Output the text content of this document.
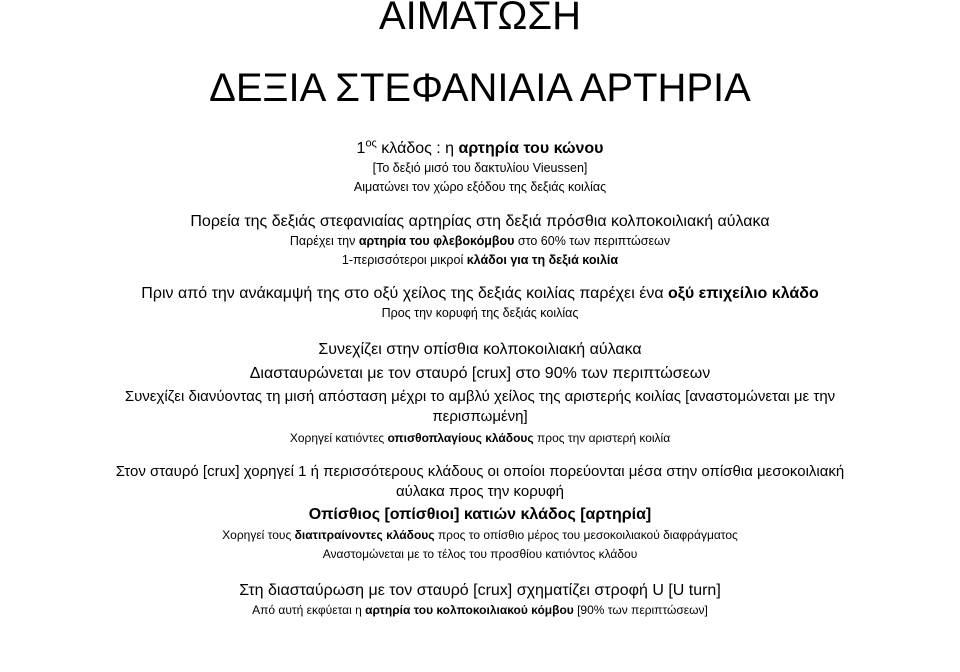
ΑΙΜΑΤΩΣΗ
ΔΕΞΙΑ ΣΤΕΦΑΝΙΑΙΑ ΑΡΤΗΡΙΑ
$1^{o\varsigma}$ κλάδος : η αρτηρία του κώνου
[Το δεξιό μισό του δακτυλίου Vieussen]
Αιματώνει τον χώρο εξόδου της δεξιάς κοιλίας
Πορεία της δεξιάς στεφανιαίας αρτηρίας στη δεξιά πρόσθια κολποκοιλιακή αύλακα
Παρέχει την αρτηρία του φλεβοκόμβου στο 60% των περιπτώσεων
1-περισσότεροι μικροί κλάδοι για τη δεξιά κοιλία
Πριν από την ανάκαμψή της στο οξύ χείλος της δεξιάς κοιλίας παρέχει ένα οξύ επιχείλιο κλάδο
Προς την κορυφή της δεξιάς κοιλίας
Συνεχίζει στην οπίσθια κολποκοιλιακή αύλακα
Διασταυρώνεται με τον σταυρό [crux] στο 90% των περιπτώσεων
Συνεχίζει διανύοντας τη μισή απόσταση μέχρι το αμβλύ χείλος της αριστερής κοιλίας [αναστομώνεται με την
περισπωμένη]
Χορηγεί κατιόντες οπισθοπλαγίους κλάδους προς την αριστερή κοιλία
Στον σταυρό [crux] χορηγεί 1 ή περισσότερους κλάδους οι οποίοι πορεύονται μέσα στην οπίσθια μεσοκοιλιακή
αύλακα προς την κορυφή
Οπίσθιος [οπίσθιοι] κατιών κλάδος [αρτηρία]
Χορηγεί τους διατιτραίνοντες κλάδους προς το οπίσθιο μέρος του μεσοκοιλιακού διαφράγματος
Αναστομώνεται με το τέλος του προσθίου κατιόντος κλάδου
Στη διασταύρωση με τον σταυρό [crux] σχηματίζει στροφή U [U turn]
Από αυτή εκφύεται η αρτηρία του κολποκοιλιακού κόμβου [90% των περιπτώσεων]
